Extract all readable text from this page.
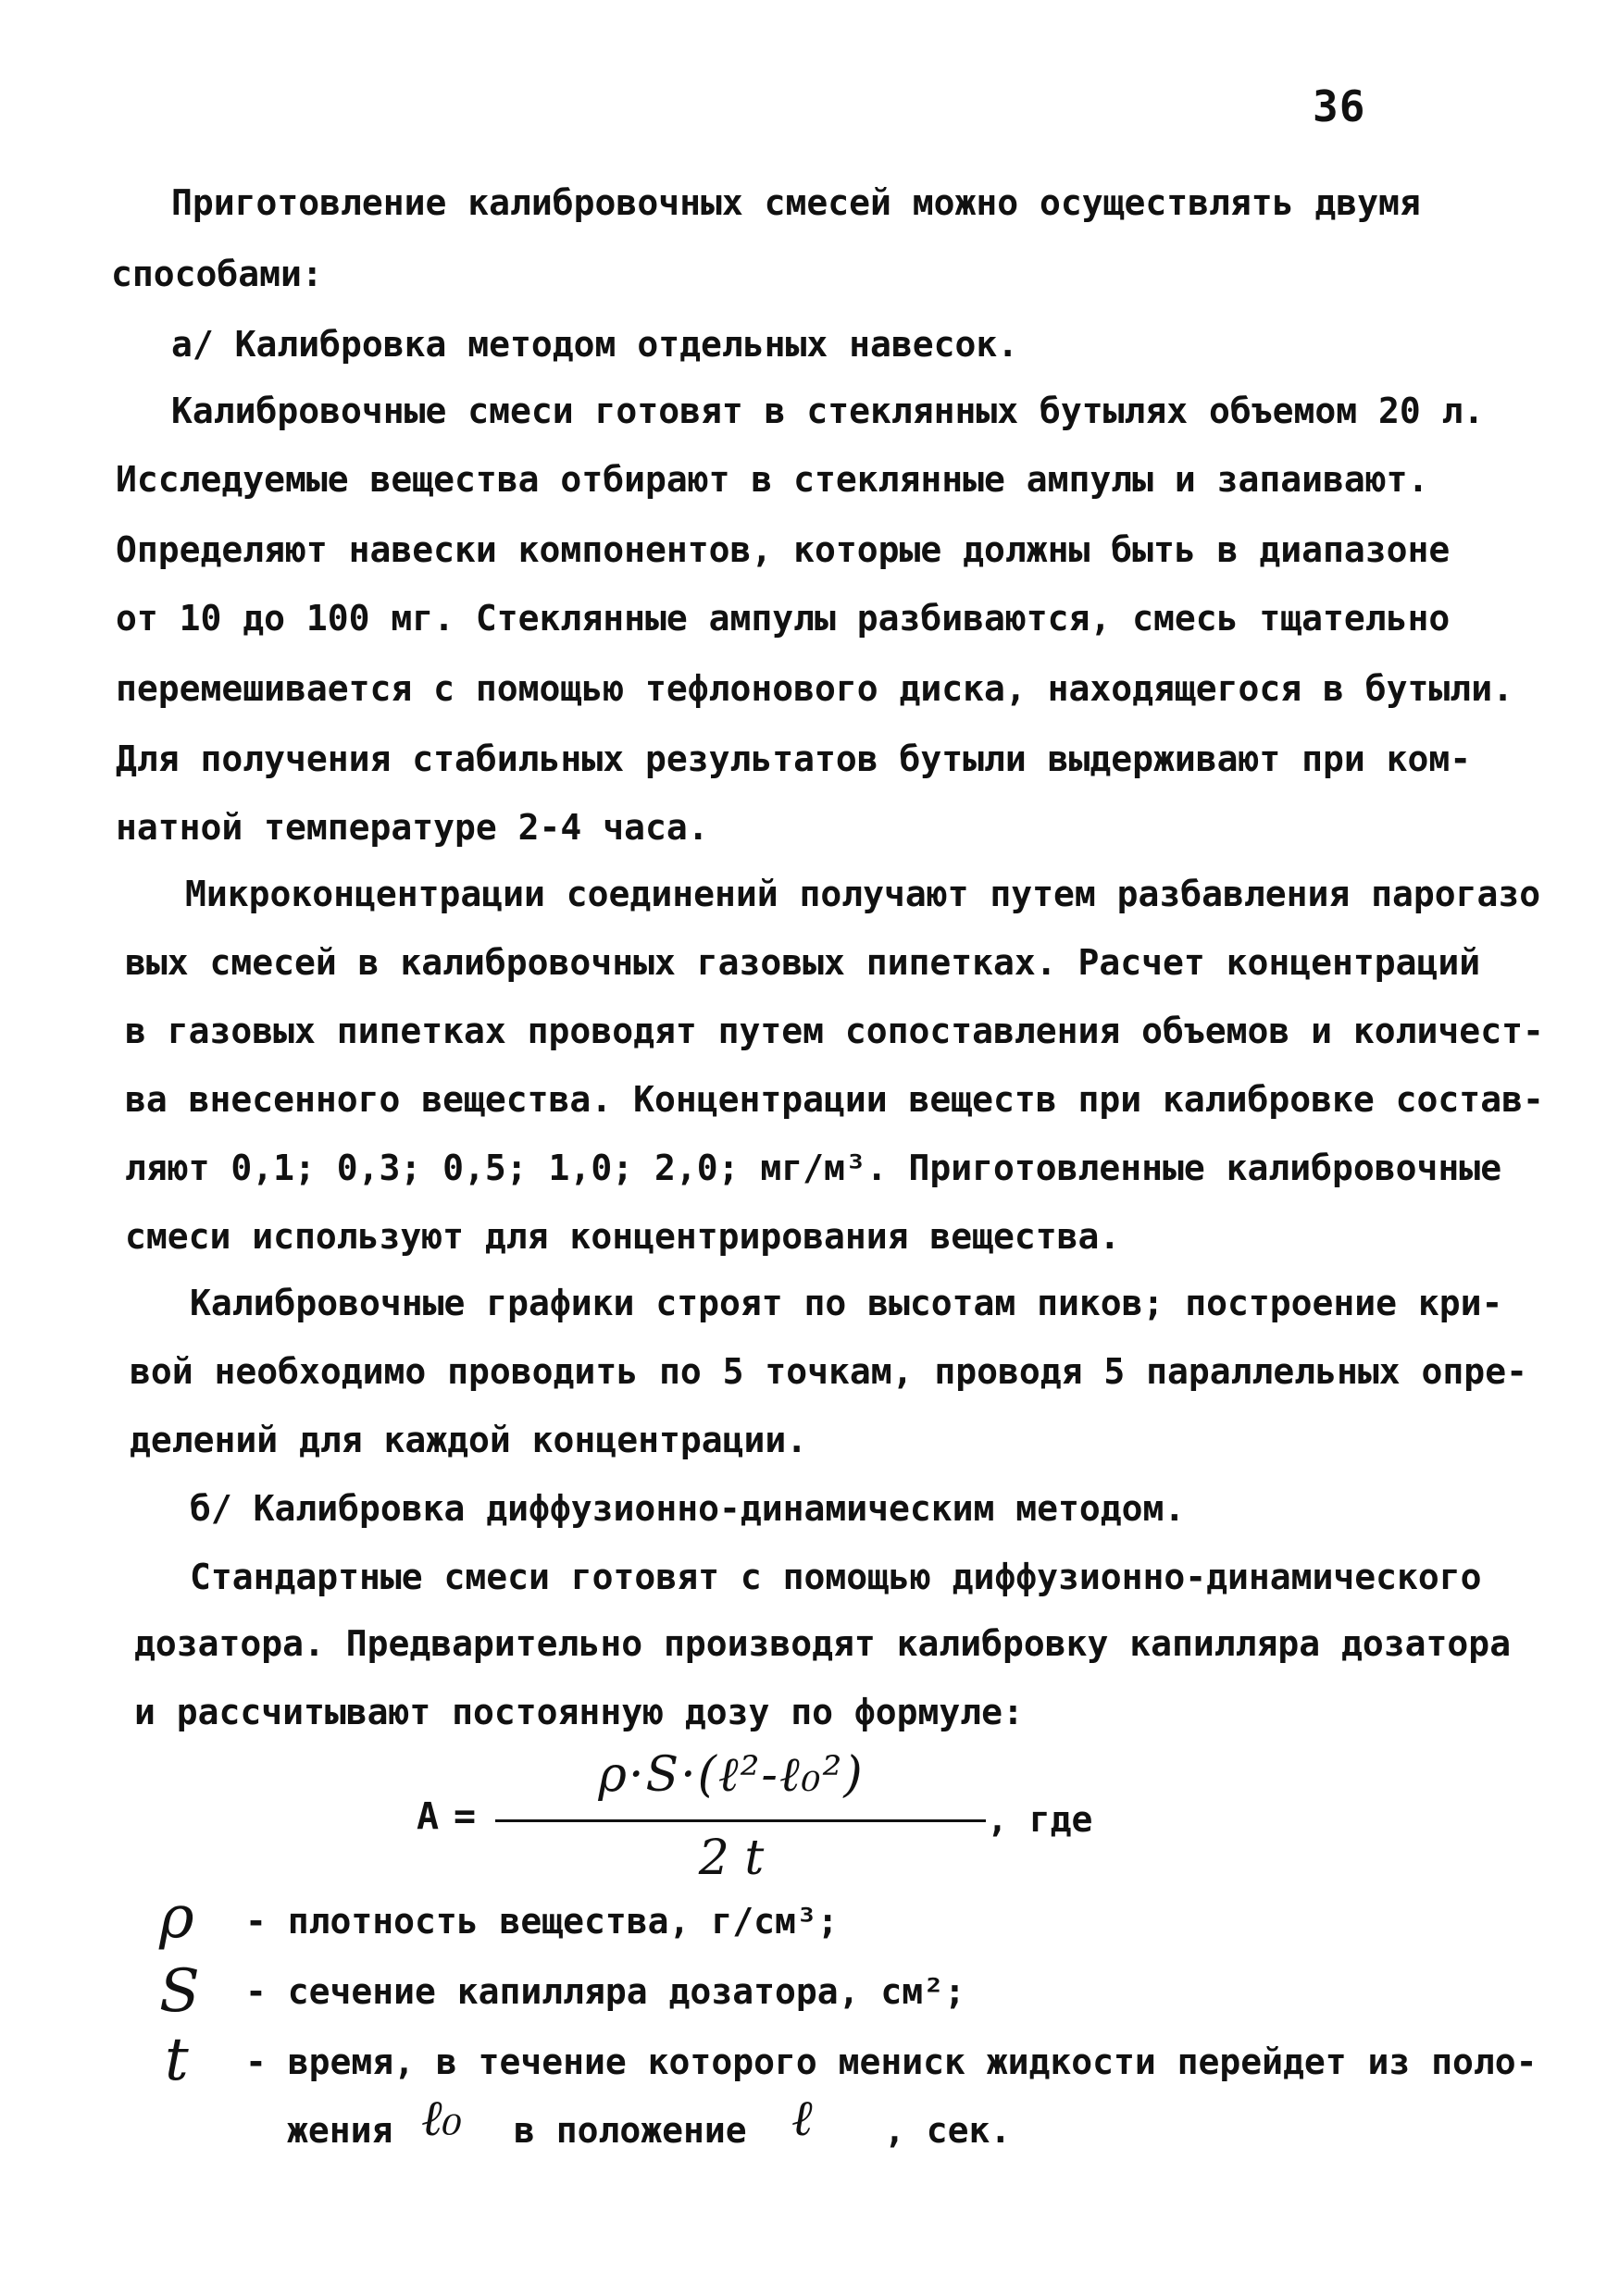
36
Приготовление калибровочных смесей можно осуществлять двумя
способами:
а/ Калибровка методом отдельных навесок.
Калибровочные смеси готовят в стеклянных бутылях объемом 20 л.
Исследуемые вещества отбирают в стеклянные ампулы и запаивают.
Определяют навески компонентов, которые должны быть в диапазоне
от 10 до 100 мг. Стеклянные ампулы разбиваются, смесь тщательно
перемешивается с помощью тефлонового диска, находящегося в бутыли.
Для получения стабильных результатов бутыли выдерживают при ком-
натной температуре 2-4 часа.
Микроконцентрации соединений получают путем разбавления парогазо
вых смесей в калибровочных газовых пипетках. Расчет концентраций
в газовых пипетках проводят путем сопоставления объемов и количест-
ва внесенного вещества. Концентрации веществ при калибровке состав-
ляют 0,1; 0,3; 0,5; 1,0; 2,0; мг/м³. Приготовленные калибровочные
смеси используют для концентрирования вещества.
Калибровочные графики строят по высотам пиков; построение кри-
вой необходимо проводить по 5 точкам, проводя 5 параллельных опре-
делений для каждой концентрации.
б/ Калибровка диффузионно-динамическим методом.
Стандартные смеси готовят с помощью диффузионно-динамического
дозатора. Предварительно производят калибровку капилляра дозатора
и рассчитывают постоянную дозу по формуле:
А =
ρ·S·(ℓ²-ℓ₀²)
2 t
, где
ρ - плотность вещества, г/см³;
S - сечение капилляра дозатора, см²;
t - время, в течение которого мениск жидкости перейдет из поло-
жения ℓ₀ в положение ℓ , сек.
